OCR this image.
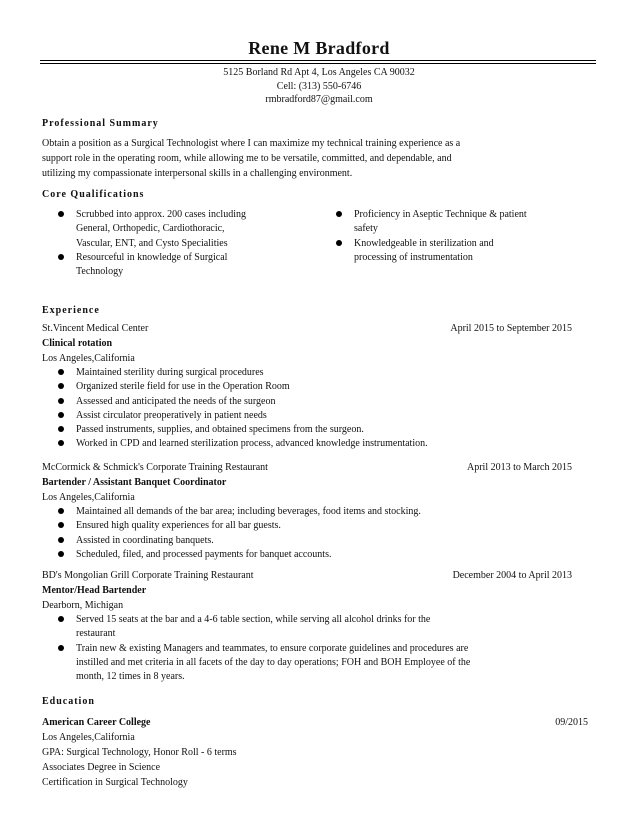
Rene M Bradford
5125 Borland Rd Apt 4, Los Angeles CA 90032
Cell: (313) 550-6746
rmbradford87@gmail.com
Professional Summary
Obtain a position as a Surgical Technologist where I can maximize my technical training experience as a
support role in the operating room, while allowing me to be versatile, committed, and dependable, and
utilizing my compassionate interpersonal skills in a challenging environment.
Core Qualifications
Scrubbed into approx. 200 cases including
General, Orthopedic, Cardiothoracic,
Vascular, ENT, and Cysto Specialities
Resourceful in knowledge of Surgical
Technology
Proficiency in Aseptic Technique & patient
safety
Knowledgeable in sterilization and
processing of instrumentation
Experience
St.Vincent Medical Center	April 2015 to September 2015
Clinical rotation
Los Angeles,California
Maintained sterility during surgical procedures
Organized sterile field for use in the Operation Room
Assessed and anticipated the needs of the surgeon
Assist circulator preoperatively in patient needs
Passed instruments, supplies, and obtained specimens from the surgeon.
Worked in CPD and learned sterilization process, advanced knowledge instrumentation.
McCormick & Schmick's Corporate Training Restaurant	April 2013 to March 2015
Bartender / Assistant Banquet Coordinator
Los Angeles,California
Maintained all demands of the bar area; including beverages, food items and stocking.
Ensured high quality experiences for all bar guests.
Assisted in coordinating banquets.
Scheduled, filed, and processed payments for banquet accounts.
BD's Mongolian Grill Corporate Training Restaurant	December 2004 to April 2013
Mentor/Head Bartender
Dearborn, Michigan
Served 15 seats at the bar and a 4-6 table section, while serving all alcohol drinks for the
restaurant
Train new & existing Managers and teammates, to ensure corporate guidelines and procedures are
instilled and met criteria in all facets of the day to day operations; FOH and BOH Employee of the
month, 12 times in 8 years.
Education
American Career College	09/2015
Los Angeles,California
GPA: Surgical Technology, Honor Roll - 6 terms
Associates Degree in Science
Certification in Surgical Technology
